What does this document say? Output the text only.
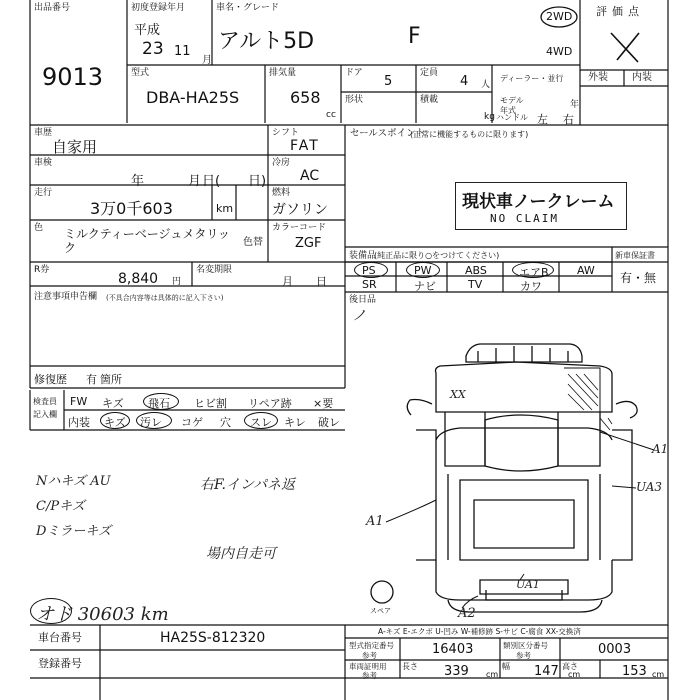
出品番号
9013
初度登録年月
平成
23 11
月
車名・グレード
アルト5D	F
2WD
4WD
評価点
外装 内装
型式
DBA-HA25S
排気量
658
cc
ドア
5
定員
4 人
形状	積載
kg
ディーラー・並行
モデル年式
年
ハンドル 左 右
車歴
自家用
シフト
FAT
車検
年	月 日( 日)
冷房
AC
走行
3万0千603	km
燃料
ガソリン
色 ミルクティーベージュメタリック	色替
カラーコード
ZGF
R券
8,840 円
名変期限
月 日
注意事項申告欄 (不具合内容等は具体的に記入下さい)
修復歴 有 箇所
セールスポイント
(正常に機能するものに限ります)
現状車ノークレーム
NO CLAIM
装備品
(純正品に限り○をつけてください)	新車保証書
有・無
PS	PW	ABS	エアB	AW
SR	ナビ	TV	カワ
後日品
ノ
検査員
記入欄
FW キズ 飛石 ヒビ割 リペア跡 ×要
内装 キズ 汚レ コゲ 穴 スレ キレ 破レ
Nハキズ AU
C/Pキズ
Dミラーキズ
右F.インパネ返
場内自走可
オド 30603 km	スペア
XX
A1
UA3
A1
UA1
A2
A-キズ E-エクボ U-凹み W-補修跡 S-サビ C-腐食 XX-交換済
車台番号	HA25S-812320
登録番号
型式指定番号
参考	16403	類別区分番号
参考	0003
車両証明用
参考
長さ 339 cm
幅 147 cm
高さ	153 cm
